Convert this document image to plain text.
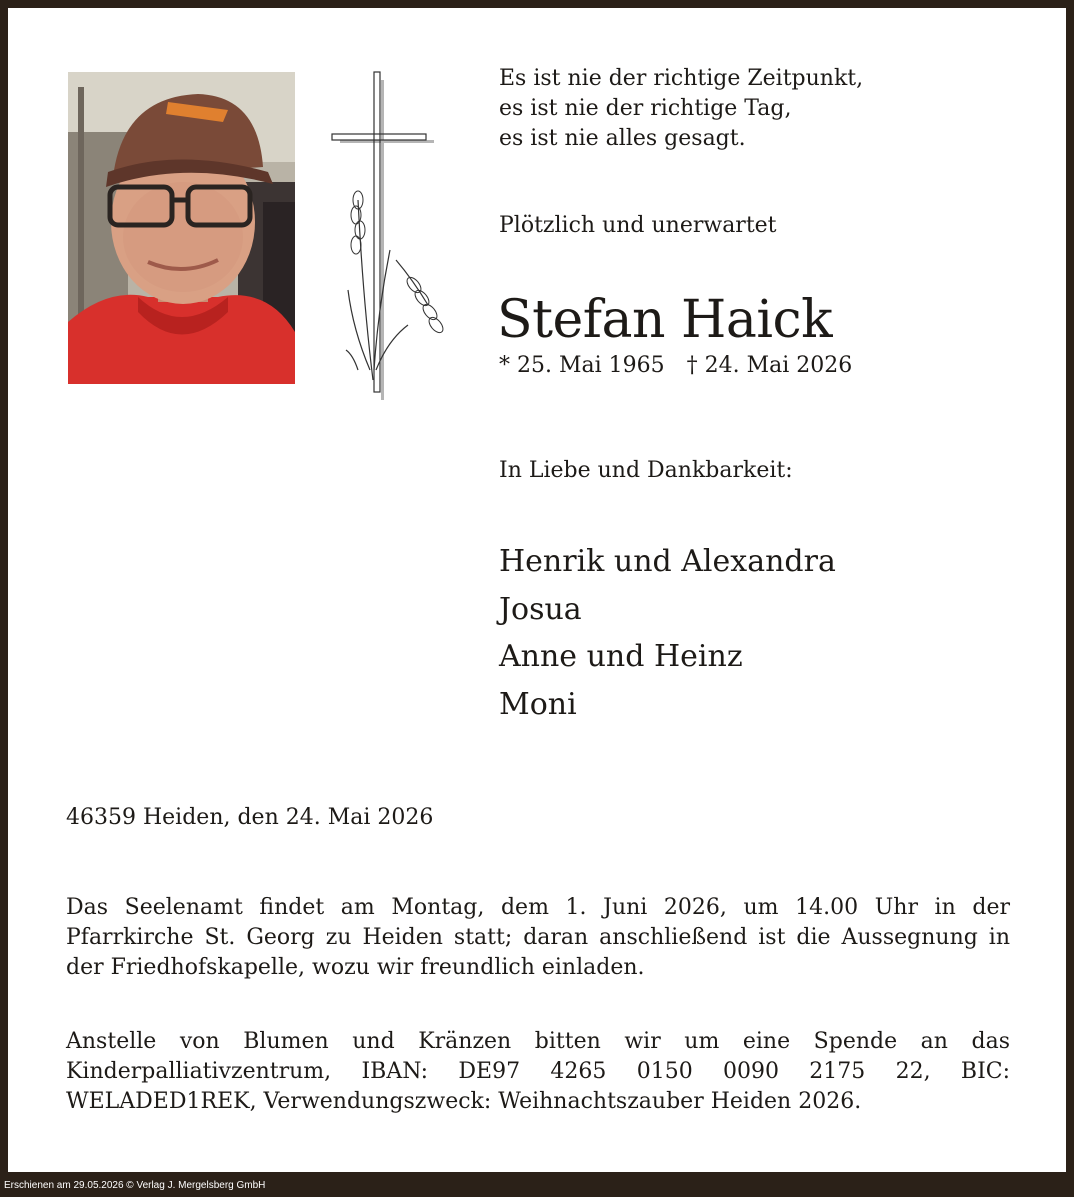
Es ist nie der richtige Zeitpunkt,
es ist nie der richtige Tag,
es ist nie alles gesagt.
Plötzlich und unerwartet
Stefan Haick
* 25. Mai 1965 † 24. Mai 2026
In Liebe und Dankbarkeit:
Henrik und Alexandra
Josua
Anne und Heinz
Moni
46359 Heiden, den 24. Mai 2026
Das Seelenamt findet am Montag, dem 1. Juni 2026, um 14.00 Uhr in der Pfarrkirche St. Georg zu Heiden statt; daran anschließend ist die Aussegnung in der Friedhofskapelle, wozu wir freundlich einladen.
Anstelle von Blumen und Kränzen bitten wir um eine Spende an das Kinderpalliativzentrum, IBAN: DE97 4265 0150 0090 2175 22, BIC: WELADED1REK, Verwendungszweck: Weihnachtszauber Heiden 2026.
Erschienen am 29.05.2026 © Verlag J. Mergelsberg GmbH
